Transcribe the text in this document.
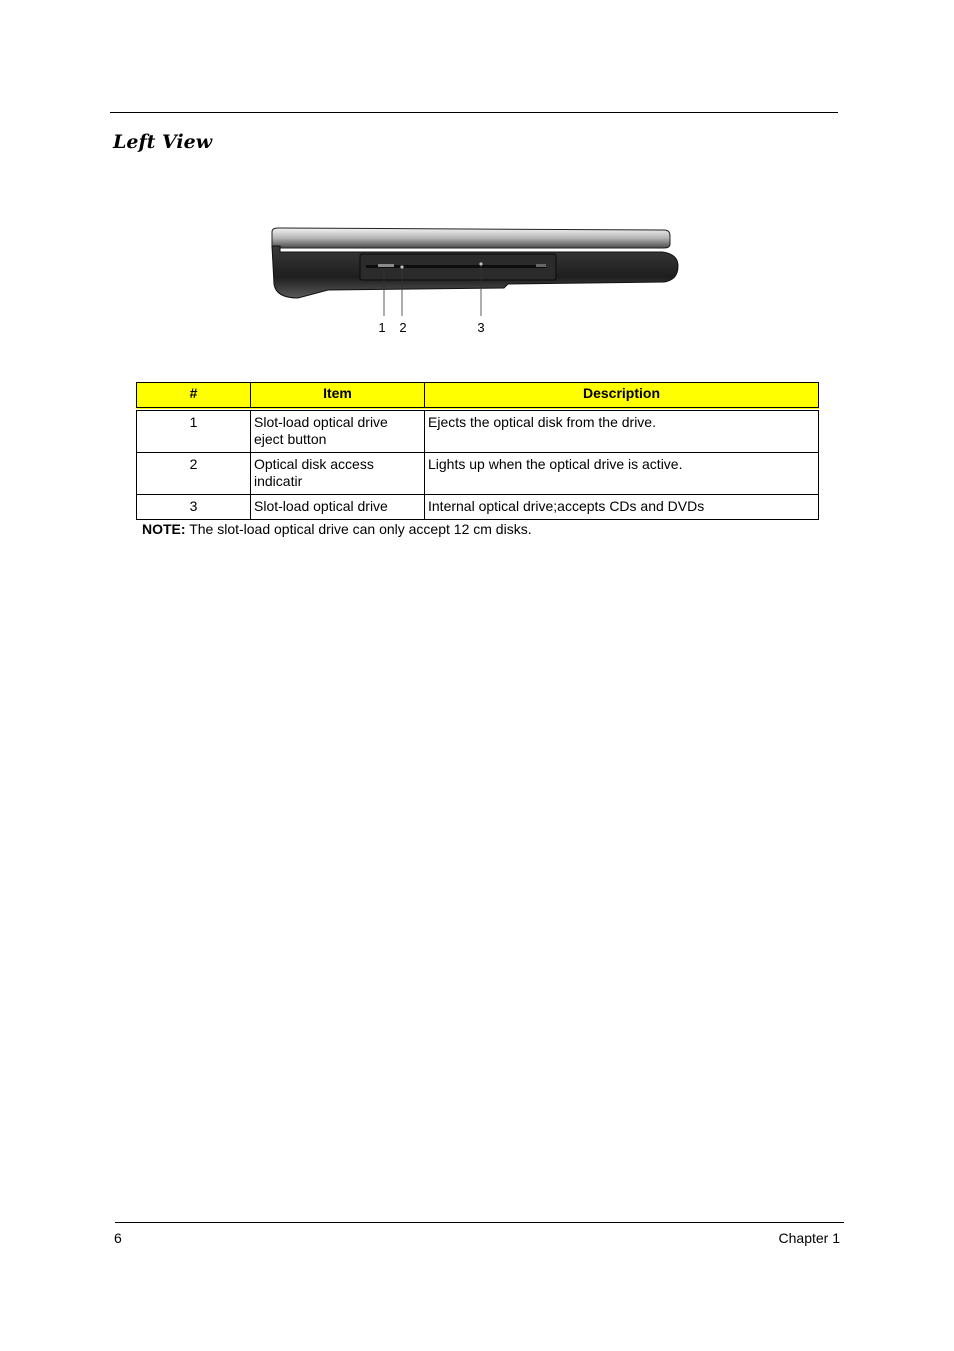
Left View
1 2	3
#	Item	Description
1	Slot-load optical drive eject button	Ejects the optical disk from the drive.
2	Optical disk access indicatir	Lights up when the optical drive is active.
3	Slot-load optical drive	Internal optical drive;accepts CDs and DVDs

NOTE: The slot-load optical drive can only accept 12 cm disks.

6	Chapter 1
